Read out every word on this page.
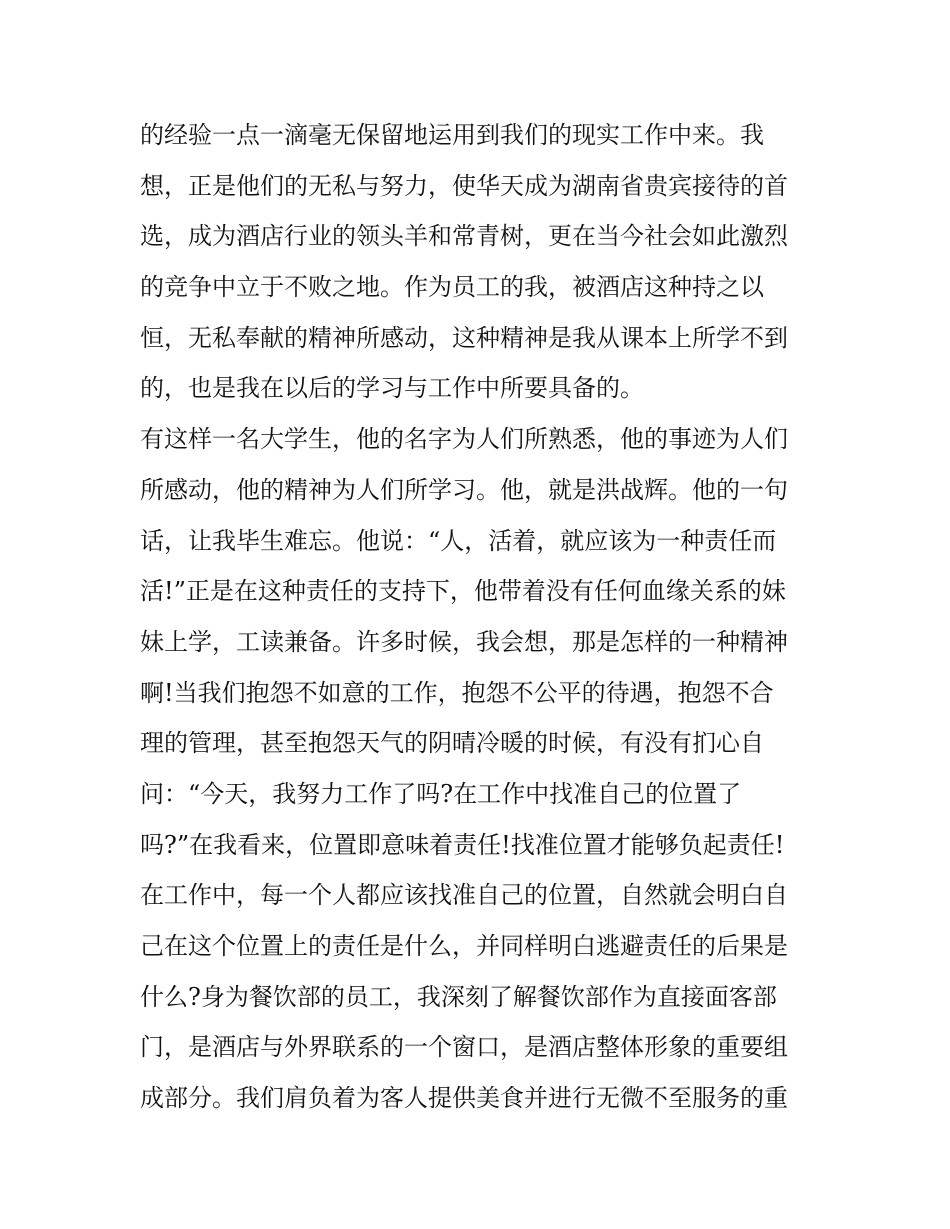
的经验一点一滴毫无保留地运用到我们的现实工作中来。我
想，正是他们的无私与努力，使华天成为湖南省贵宾接待的首
选，成为酒店行业的领头羊和常青树，更在当今社会如此激烈
的竞争中立于不败之地。作为员工的我，被酒店这种持之以
恒，无私奉献的精神所感动，这种精神是我从课本上所学不到
的，也是我在以后的学习与工作中所要具备的。
有这样一名大学生，他的名字为人们所熟悉，他的事迹为人们
所感动，他的精神为人们所学习。他，就是洪战辉。他的一句
话，让我毕生难忘。他说：“人，活着，就应该为一种责任而
活!”正是在这种责任的支持下，他带着没有任何血缘关系的妹
妹上学，工读兼备。许多时候，我会想，那是怎样的一种精神
啊!当我们抱怨不如意的工作，抱怨不公平的待遇，抱怨不合
理的管理，甚至抱怨天气的阴晴冷暖的时候，有没有扪心自
问：“今天，我努力工作了吗?在工作中找准自己的位置了
吗?”在我看来，位置即意味着责任!找准位置才能够负起责任!
在工作中，每一个人都应该找准自己的位置，自然就会明白自
己在这个位置上的责任是什么，并同样明白逃避责任的后果是
什么?身为餐饮部的员工，我深刻了解餐饮部作为直接面客部
门，是酒店与外界联系的一个窗口，是酒店整体形象的重要组
成部分。我们肩负着为客人提供美食并进行无微不至服务的重
